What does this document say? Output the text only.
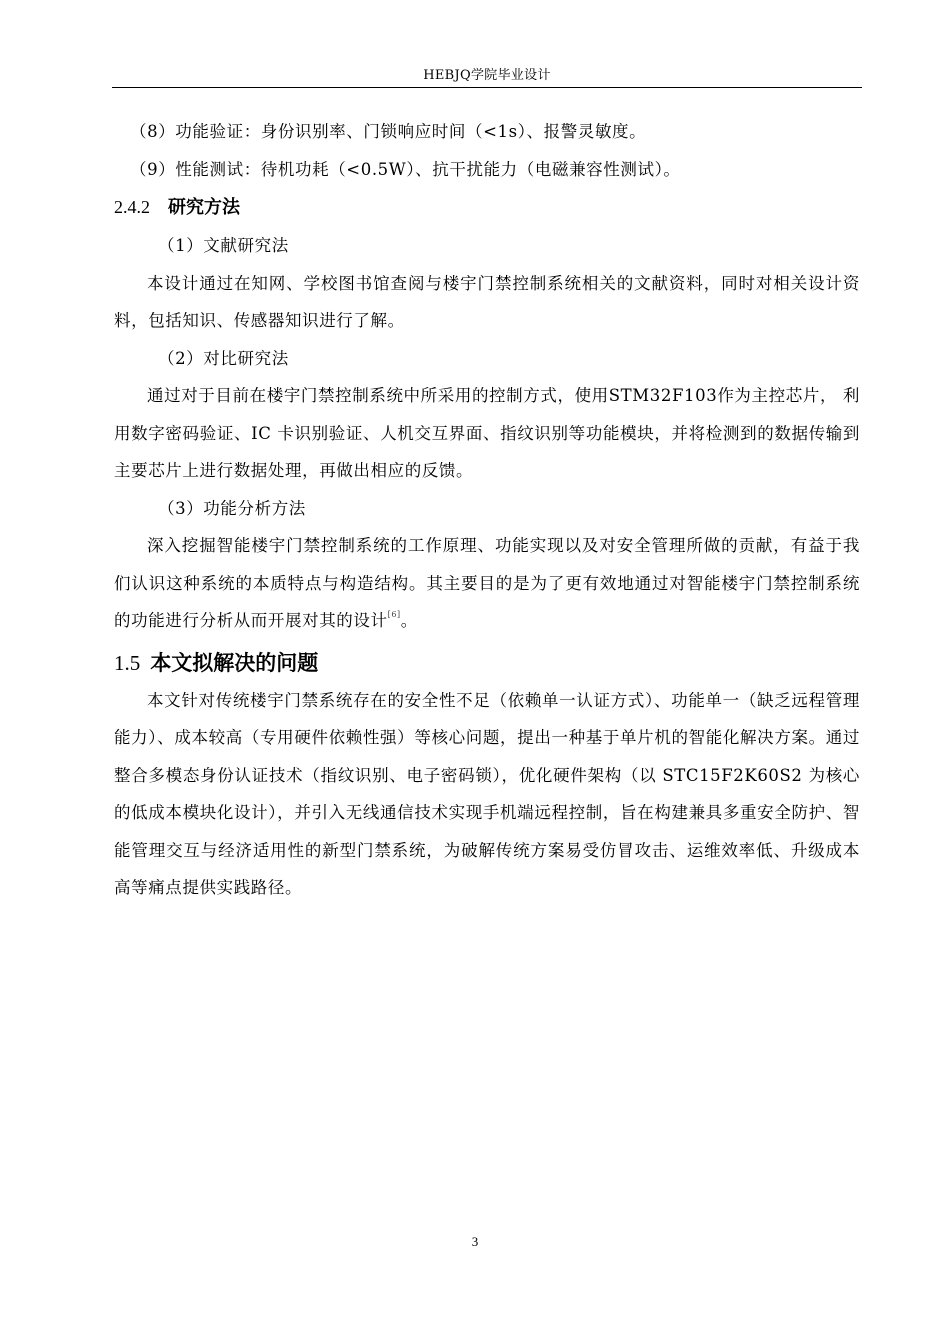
HEBJQ学院毕业设计

（8）功能验证：身份识别率、门锁响应时间（<1s）、报警灵敏度。

（9）性能测试：待机功耗（<0.5W）、抗干扰能力（电磁兼容性测试）。

2.4.2 研究方法

（1）文献研究法

本设计通过在知网、学校图书馆查阅与楼宇门禁控制系统相关的文献资料，同时对相关设计资料，包括知识、传感器知识进行了解。

（2）对比研究法

通过对于目前在楼宇门禁控制系统中所采用的控制方式，使用STM32F103作为主控芯片， 利用数字密码验证、IC 卡识别验证、人机交互界面、指纹识别等功能模块，并将检测到的数据传输到主要芯片上进行数据处理，再做出相应的反馈。

（3）功能分析方法

深入挖掘智能楼宇门禁控制系统的工作原理、功能实现以及对安全管理所做的贡献，有益于我们认识这种系统的本质特点与构造结构。其主要目的是为了更有效地通过对智能楼宇门禁控制系统的功能进行分析从而开展对其的设计[6]。

1.5 本文拟解决的问题

本文针对传统楼宇门禁系统存在的安全性不足（依赖单一认证方式）、功能单一（缺乏远程管理能力）、成本较高（专用硬件依赖性强）等核心问题，提出一种基于单片机的智能化解决方案。通过整合多模态身份认证技术（指纹识别、电子密码锁），优化硬件架构（以 STC15F2K60S2 为核心的低成本模块化设计），并引入无线通信技术实现手机端远程控制，旨在构建兼具多重安全防护、智能管理交互与经济适用性的新型门禁系统，为破解传统方案易受仿冒攻击、运维效率低、升级成本高等痛点提供实践路径。

3
